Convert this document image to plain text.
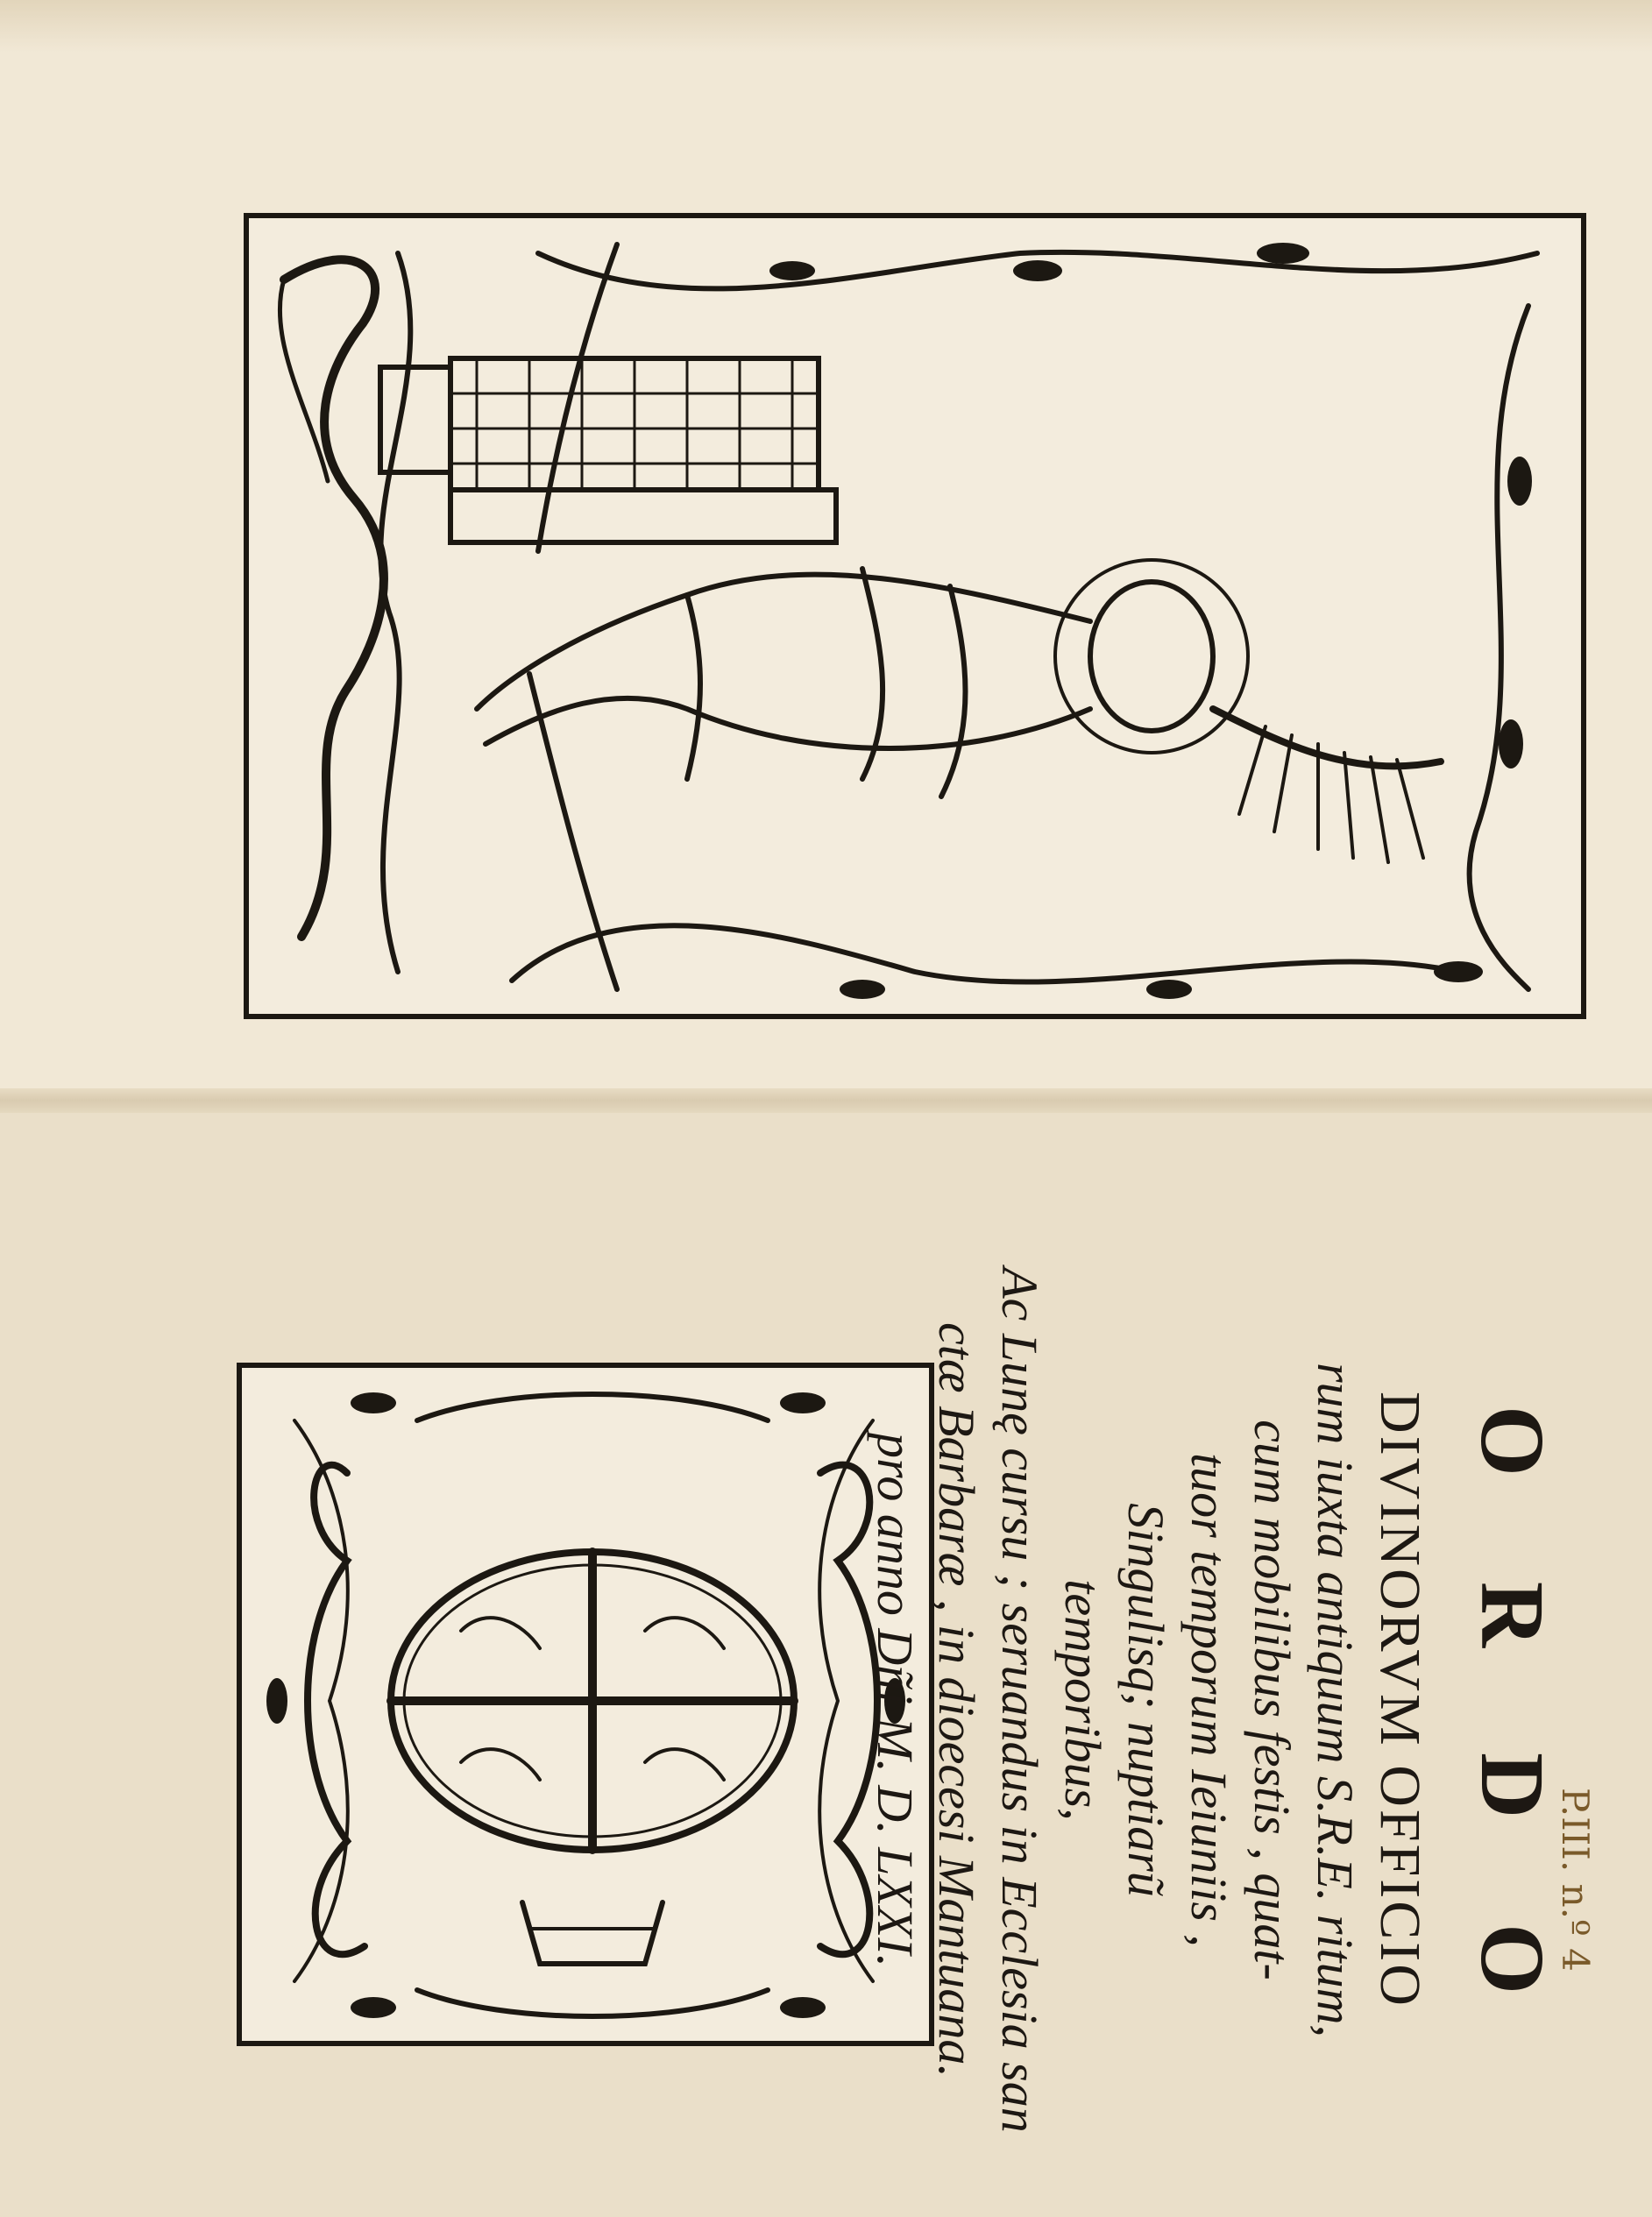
ORDO
DIVINORVM OFFICIO
rum iuxta antiquum S.R.E. ritum,
cum mobilibus festis , quat-
tuor temporum Ieiuniis ,
Singulisq; nuptiarũ
temporibus,
Ac Lunę cursu ; seruandus in Ecclesia san
ctæ Barbaræ , in dioecesi Mantuana.
pro anno Dñi M. D. LXXI.	P.III. n.º 4
